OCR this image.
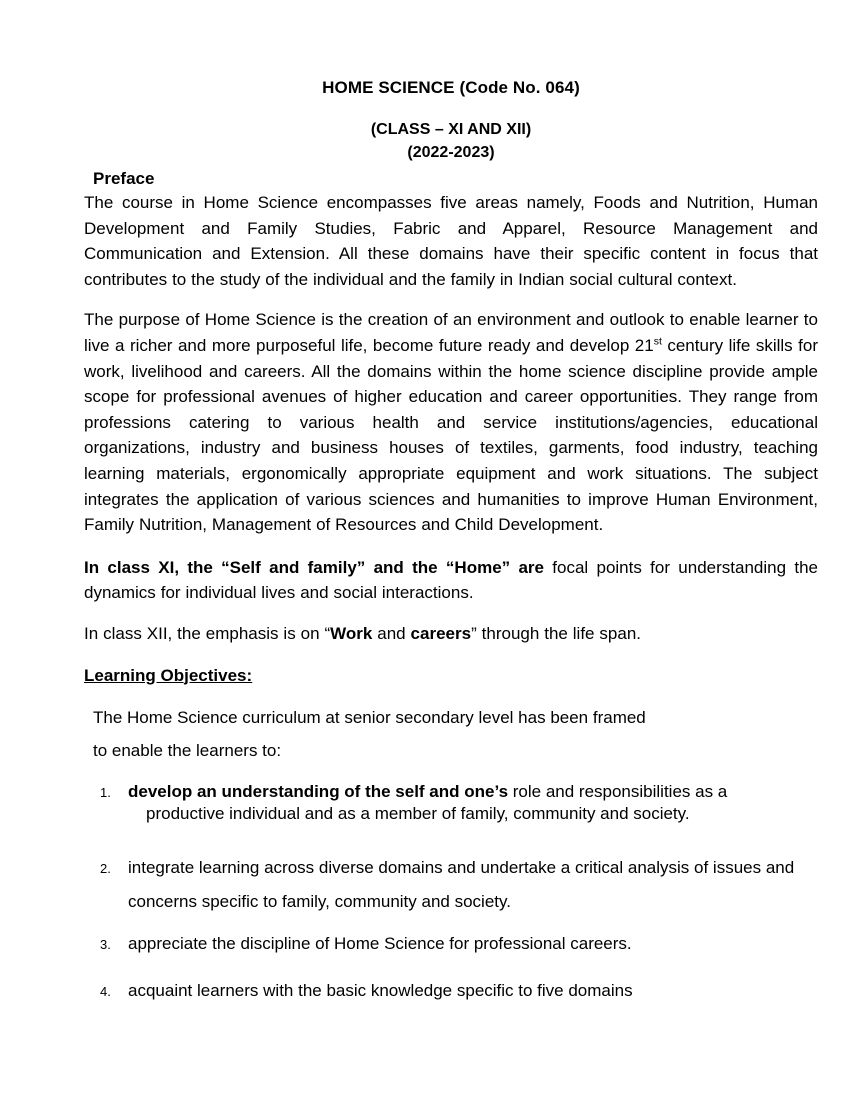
HOME SCIENCE (Code No. 064)
(CLASS – XI AND XII)
(2022-2023)
Preface

The course in Home Science encompasses five areas namely, Foods and Nutrition, Human Development and Family Studies, Fabric and Apparel, Resource Management and Communication and Extension. All these domains have their specific content in focus that contributes to the study of the individual and the family in Indian social cultural context.

The purpose of Home Science is the creation of an environment and outlook to enable learner to live a richer and more purposeful life, become future ready and develop 21st century life skills for work, livelihood and careers. All the domains within the home science discipline provide ample scope for professional avenues of higher education and career opportunities. They range from professions catering to various health and service institutions/agencies, educational organizations, industry and business houses of textiles, garments, food industry, teaching learning materials, ergonomically appropriate equipment and work situations. The subject integrates the application of various sciences and humanities to improve Human Environment, Family Nutrition, Management of Resources and Child Development.

In class XI, the “Self and family” and the “Home” are focal points for understanding the dynamics for individual lives and social interactions.

In class XII, the emphasis is on “Work and careers” through the life span.

Learning Objectives:
The Home Science curriculum at senior secondary level has been framed
to enable the learners to:
1. develop an understanding of the self and one’s role and responsibilities as a
productive individual and as a member of family, community and society.
2. integrate learning across diverse domains and undertake a critical analysis of issues and concerns specific to family, community and society.
3. appreciate the discipline of Home Science for professional careers.
4. acquaint learners with the basic knowledge specific to five domains
